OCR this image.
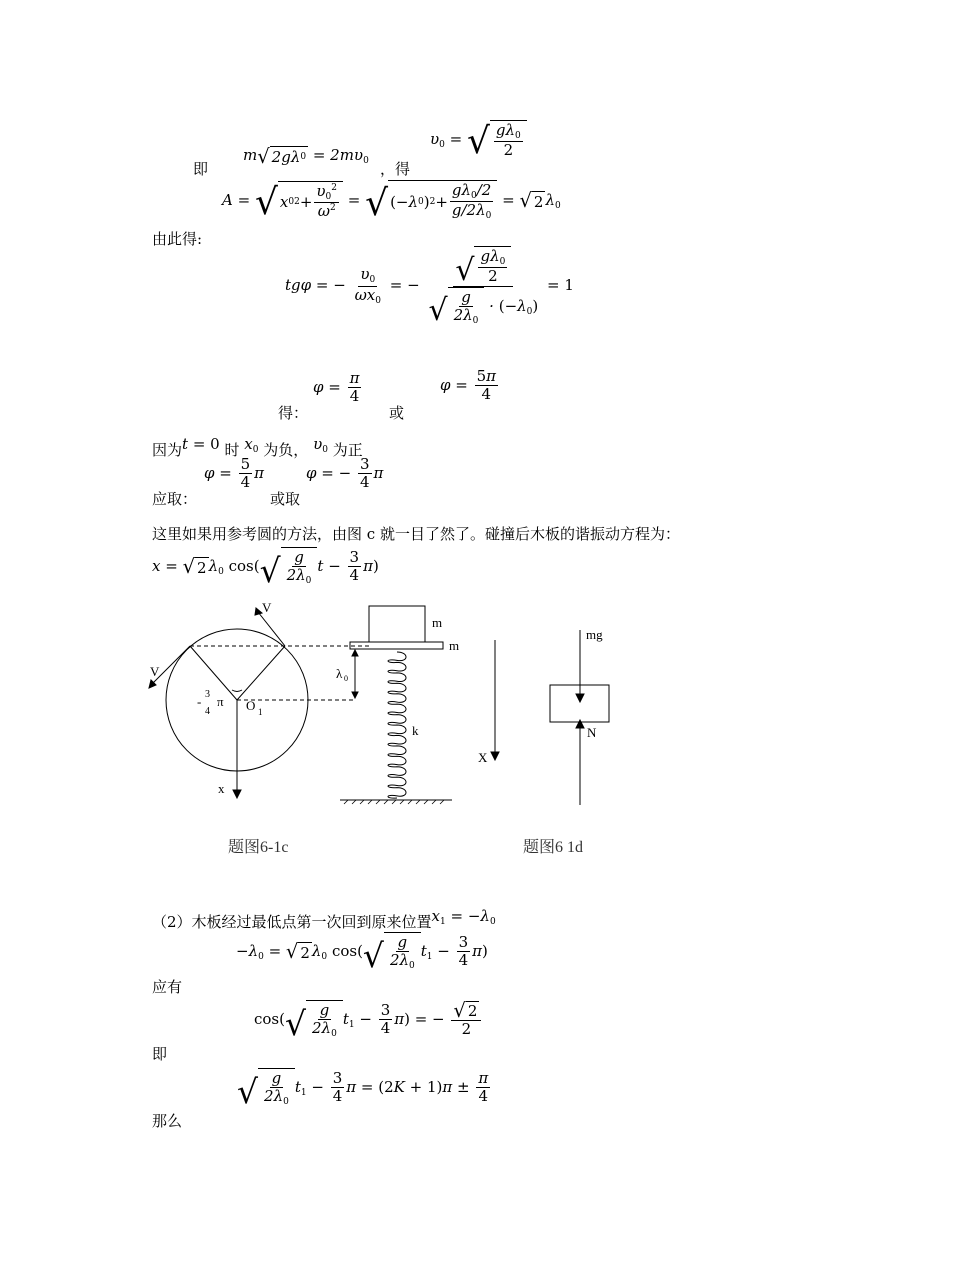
即
m √ 2gλ $0 = 2m\upsilon_0$ ，得
$\upsilon_0$ = √ $\frac{g\lambda_0}{2}$
A = √ x 0 $2 + \frac{\upsilon_0^2}{\omega^2}$ = √ ( −λ 0 ) $2 + \frac{g\lambda_0/2}{g/2\lambda_0}$ = √ 2 $\lambda_0$
由此得:
tgφ = − $\frac{\upsilon_0}{\omega x_0}$ = − $\frac{√ \frac{g\lambda_0}{2}}{√ \frac{g}{2\lambda_0} \cdot (-\lambda_0)} = 1$
$\varphi = \frac{\pi}{4}$
得：	或
$\varphi = \frac{5\pi}{4}$
因为t = 0 时 $x_0$ 为负， $\upsilon_0$ 为正
应取：
$\varphi = \frac{5}{4}$ π
或取
φ = − $\frac{3}{4}$ π
这里如果用参考圆的方法，由图 c 就一目了然了。碰撞后木板的谐振动方程为：
x = √ 2 $\lambda_0$ cos( √ $\frac{g}{2\lambda_0}$ $t - \frac{3}{4} \pi$)
V
V
- 3
4
π O 1
x
m
m
λ 0
k
X
mg
N
题图6-1c	题图6 1d
（2）木板经过最低点第一次回到原来位置$x_1 = -\lambda_0$
$-\lambda_0$ = √ 2 $\lambda_0$ cos( √ $\frac{g}{2\lambda_0} t_1 - \frac{3}{4} \pi$)
应有
cos( √ $\frac{g}{2\lambda_0} t_1 - \frac{3}{4} \pi$) = − $\frac{√ 2}{2}$
即
√ $\frac{g}{2\lambda_0} t_1 - \frac{3}{4}$ $\pi = (2K + 1)\pi \pm \frac{\pi}{4}$
那么
